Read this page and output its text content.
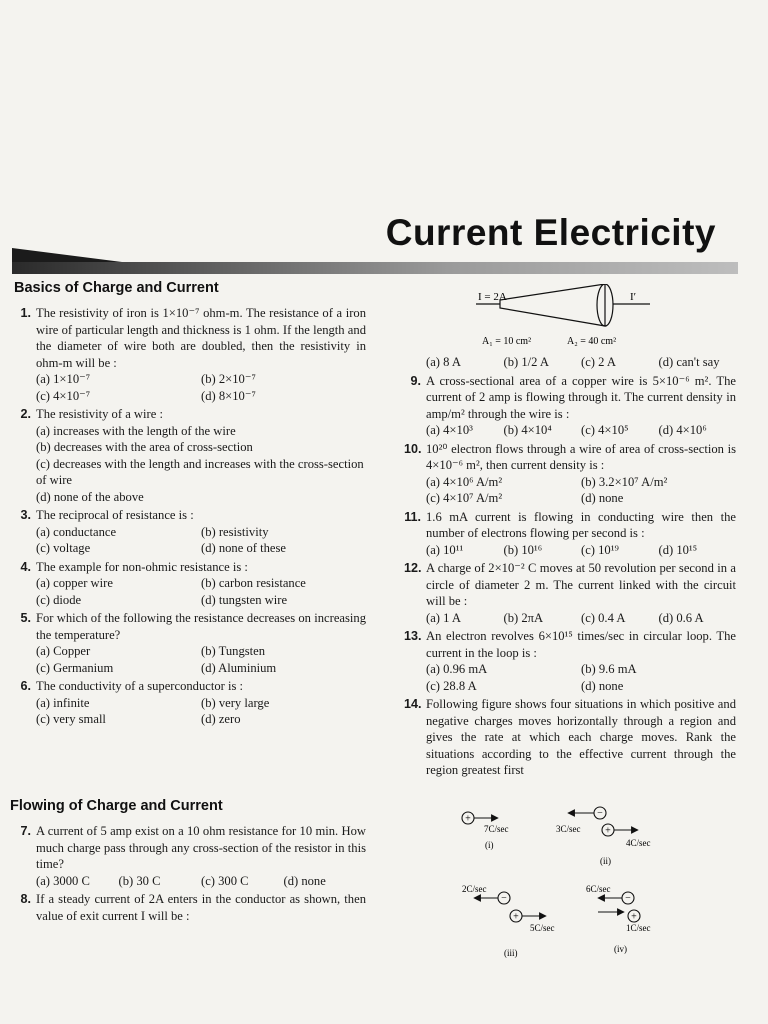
Current Electricity
Basics of Charge and Current
1. The resistivity of iron is 1×10⁻⁷ ohm-m. The resistance of a iron wire of particular length and thickness is 1 ohm. If the length and the diameter of wire both are doubled, then the resistivity in ohm-m will be :
(a) 1×10⁻⁷	(b) 2×10⁻⁷
(c) 4×10⁻⁷	(d) 8×10⁻⁷
2. The resistivity of a wire :
(a) increases with the length of the wire
(b) decreases with the area of cross-section
(c) decreases with the length and increases with the cross-section of wire
(d) none of the above
3. The reciprocal of resistance is :
(a) conductance	(b) resistivity
(c) voltage	(d) none of these
4. The example for non-ohmic resistance is :
(a) copper wire	(b) carbon resistance
(c) diode	(d) tungsten wire
5. For which of the following the resistance decreases on increasing the temperature?
(a) Copper	(b) Tungsten
(c) Germanium	(d) Aluminium
6. The conductivity of a superconductor is :
(a) infinite	(b) very large
(c) very small	(d) zero
Flowing of Charge and Current
7. A current of 5 amp exist on a 10 ohm resistance for 10 min. How much charge pass through any cross-section of the resistor in this time?
(a) 3000 C	(b) 30 C	(c) 300 C	(d) none
8. If a steady current of 2A enters in the conductor as shown, then value of exit current I will be :
I = 2A	I′
A₁ = 10 cm²	A₂ = 40 cm²
(a) 8 A	(b) 1/2 A	(c) 2 A	(d) can't say
9. A cross-sectional area of a copper wire is 5×10⁻⁶ m². The current of 2 amp is flowing through it. The current density in amp/m² through the wire is :
(a) 4×10³	(b) 4×10⁴	(c) 4×10⁵	(d) 4×10⁶
10. 10²⁰ electron flows through a wire of area of cross-section is 4×10⁻⁶ m², then current density is :
(a) 4×10⁶ A/m²	(b) 3.2×10⁷ A/m²
(c) 4×10⁷ A/m²	(d) none
11. 1.6 mA current is flowing in conducting wire then the number of electrons flowing per second is :
(a) 10¹¹	(b) 10¹⁶	(c) 10¹⁹	(d) 10¹⁵
12. A charge of 2×10⁻² C moves at 50 revolution per second in a circle of diameter 2 m. The current linked with the circuit will be :
(a) 1 A	(b) 2πA	(c) 0.4 A	(d) 0.6 A
13. An electron revolves 6×10¹⁵ times/sec in circular loop. The current in the loop is :
(a) 0.96 mA	(b) 9.6 mA
(c) 28.8 A	(d) none
14. Following figure shows four situations in which positive and negative charges moves horizontally through a region and gives the rate at which each charge moves. Rank the situations according to the effective current through the region greatest first
+
7C/sec
(i)
−
3C/sec +
4C/sec
(ii)
2C/sec
−
+
5C/sec
(iii)
6C/sec
−
+
1C/sec
(iv)
